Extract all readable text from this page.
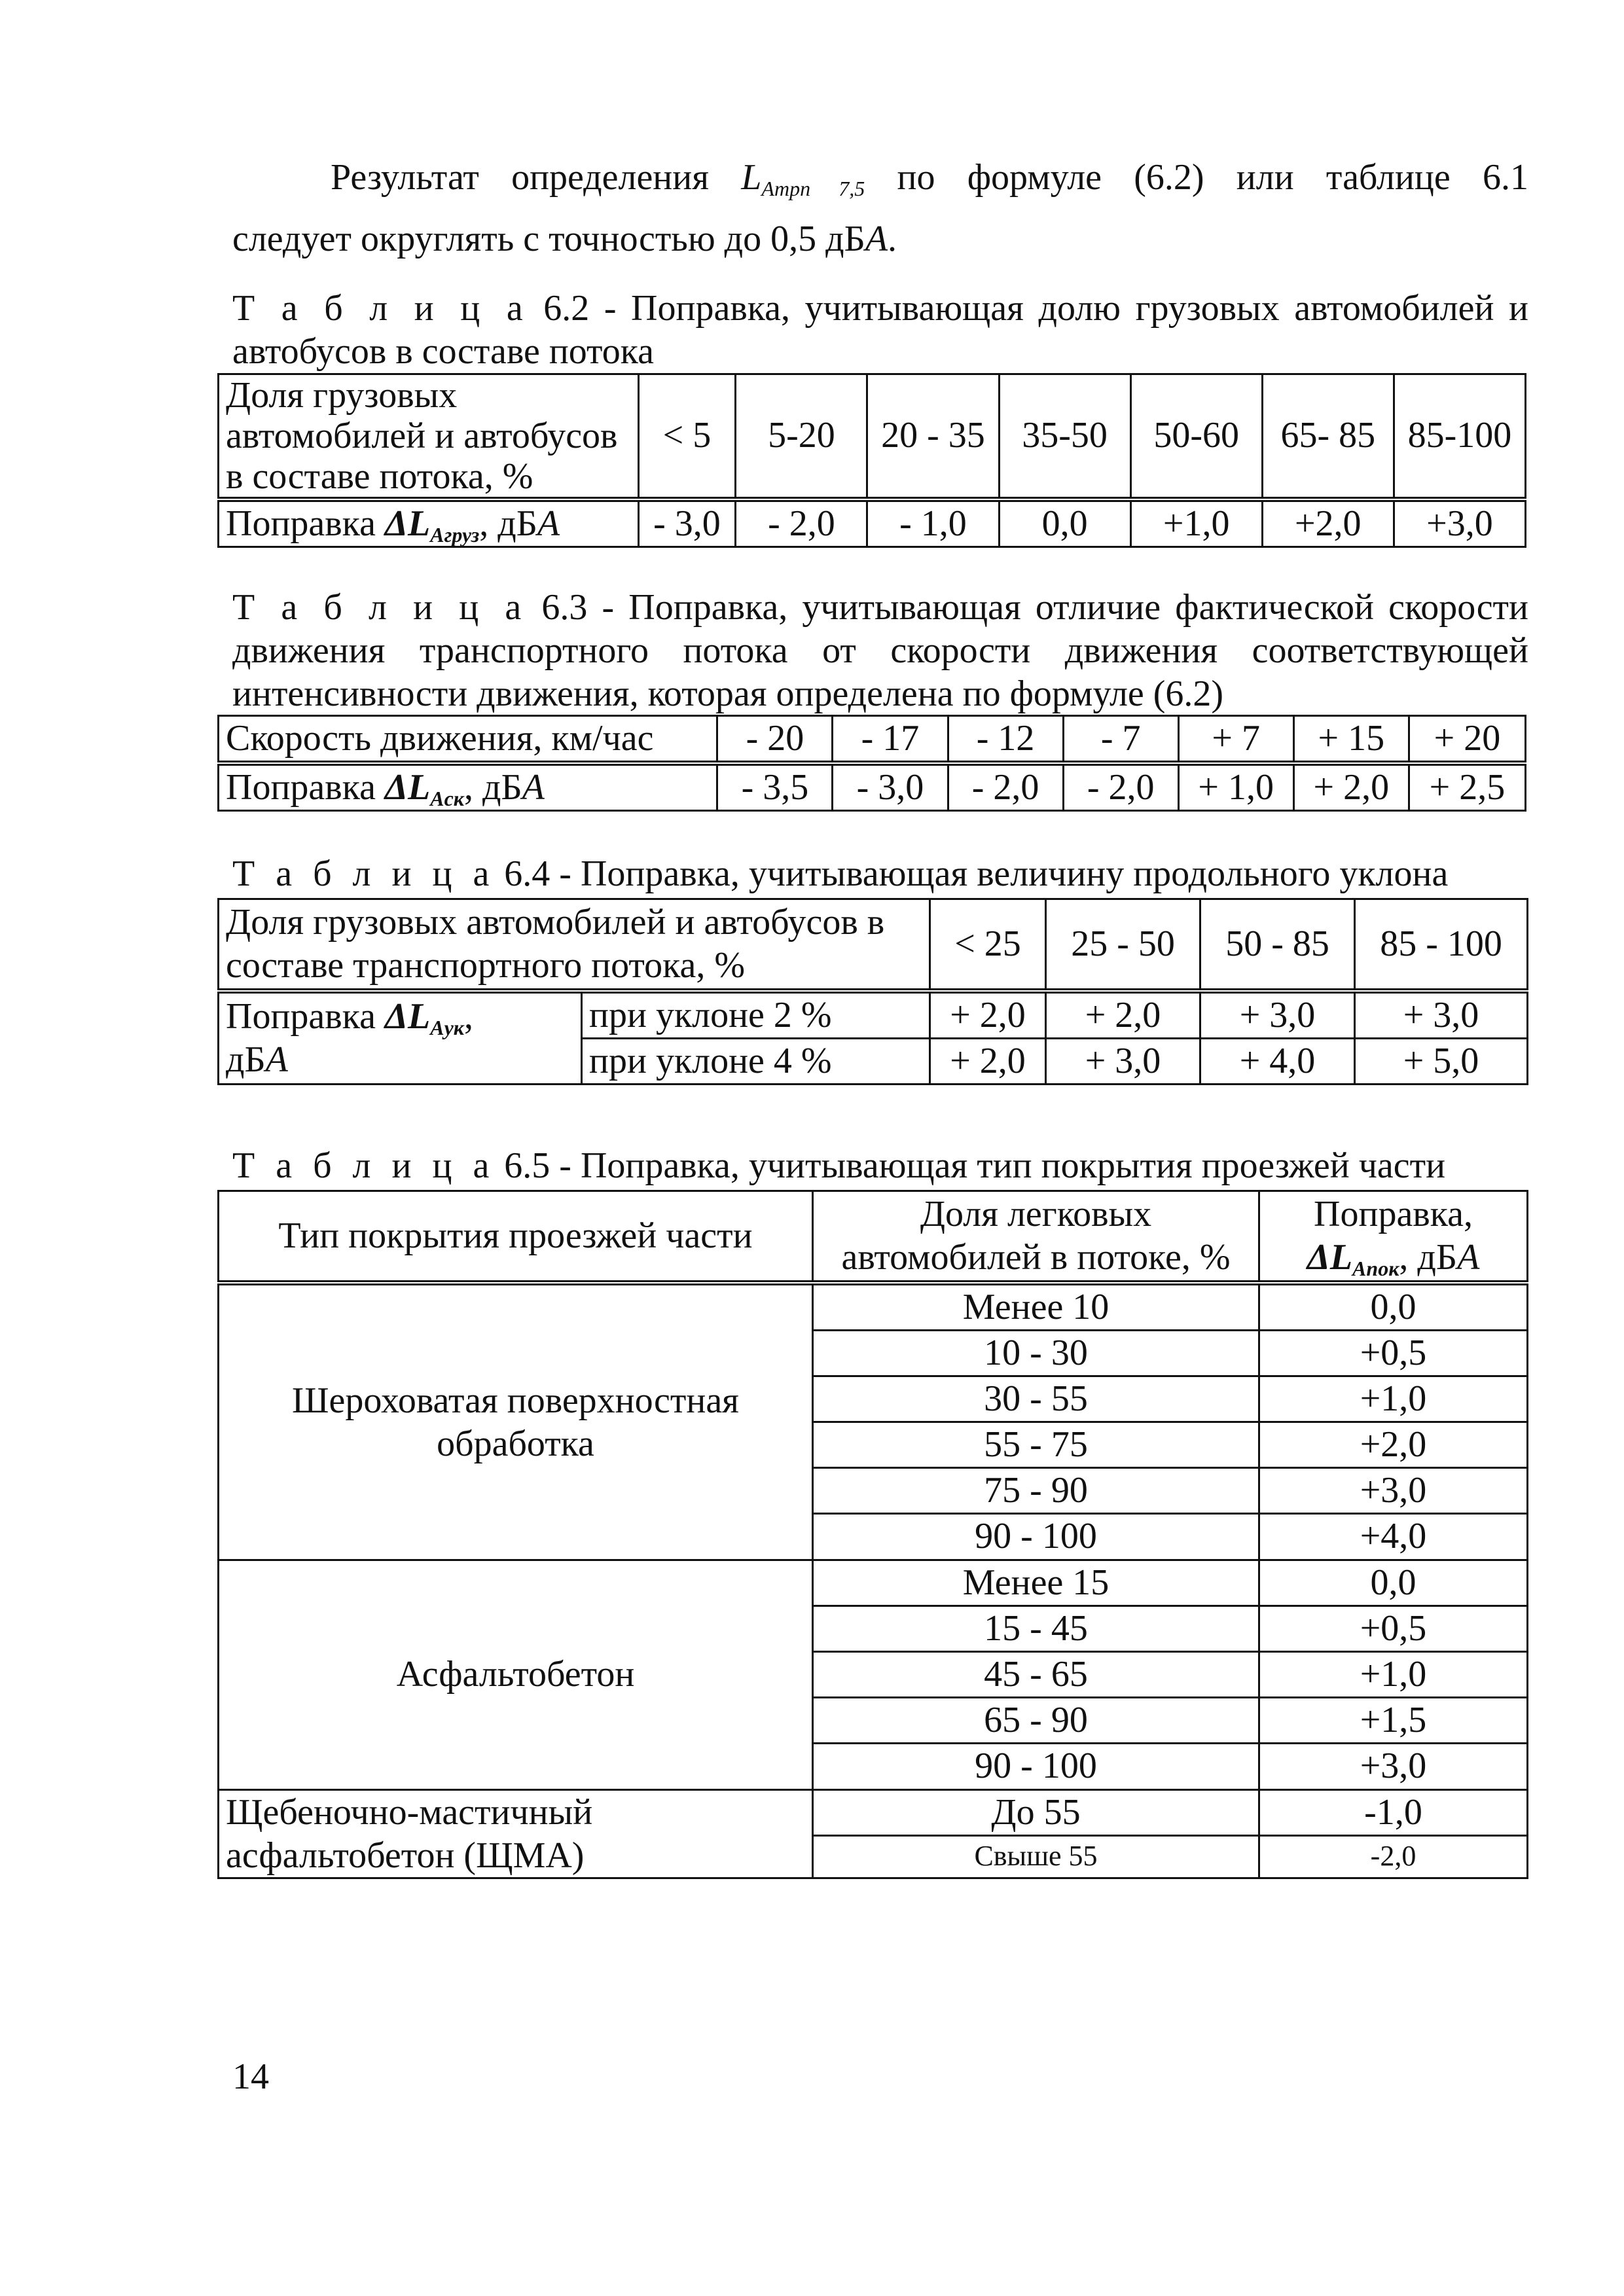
Результат определения $L_{Aтрn 7,5}$ по формуле (6.2) или таблице 6.1
следует округлять с точностью до 0,5 дБA.
Т а б л и ц а 6.2 - Поправка, учитывающая долю грузовых автомобилей и автобусов в составе потока
Доля грузовых автомобилей и автобусов в составе потока, %	< 5	5-20	20 - 35	35-50	50-60	65- 85	85-100
Поправка $\Delta L_{Aгруз}$, дБA	- 3,0	- 2,0	- 1,0	0,0	+1,0	+2,0	+3,0
Т а б л и ц а 6.3 - Поправка, учитывающая отличие фактической скорости движения транспортного потока от скорости движения соответствующей интенсивности движения, которая определена по формуле (6.2)
Скорость движения, км/час	- 20	- 17	- 12	- 7	+ 7	+ 15	+ 20
Поправка $\Delta L_{Aск}$, дБA	- 3,5	- 3,0	- 2,0	- 2,0	+ 1,0	+ 2,0	+ 2,5
Т а б л и ц а 6.4 - Поправка, учитывающая величину продольного уклона
Доля грузовых автомобилей и автобусов в составе транспортного потока, %		< 25	25 - 50	50 - 85	85 - 100
Поправка $\Delta L_{Aук}$,
дБA	при уклоне 2 %	+ 2,0	+ 2,0	+ 3,0	+ 3,0
	при уклоне 4 %	+ 2,0	+ 3,0	+ 4,0	+ 5,0
Т а б л и ц а 6.5 - Поправка, учитывающая тип покрытия проезжей части
Тип покрытия проезжей части	Доля легковых автомобилей в потоке, %	Поправка,
$\Delta L_{Aпок}$, дБA
Шероховатая поверхностная обработка	Менее 10	0,0
	10 - 30	+0,5
	30 - 55	+1,0
	55 - 75	+2,0
	75 - 90	+3,0
	90 - 100	+4,0
Асфальтобетон	Менее 15	0,0
	15 - 45	+0,5
	45 - 65	+1,0
	65 - 90	+1,5
	90 - 100	+3,0
Щебеночно-мастичный асфальтобетон (ЩМА)	До 55	-1,0
	Свыше 55	-2,0
14
